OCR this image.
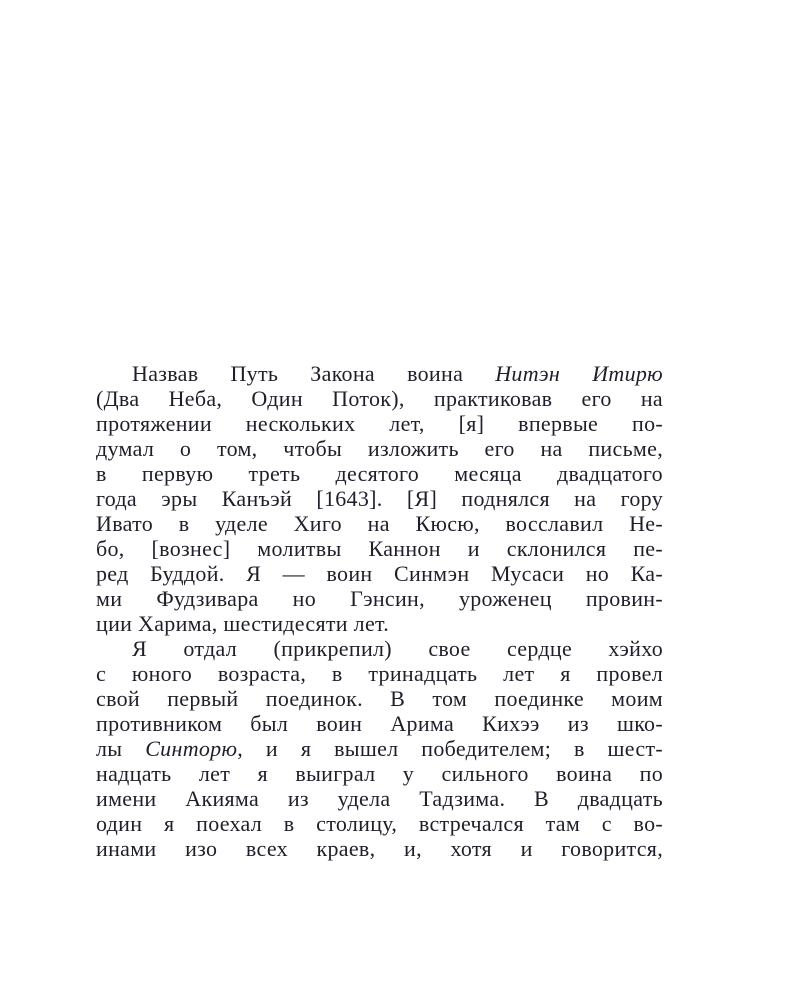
Назвав Путь Закона воина Нитэн Итирю
(Два Неба, Один Поток), практиковав его на
протяжении нескольких лет, [я] впервые по-
думал о том, чтобы изложить его на письме,
в первую треть десятого месяца двадцатого
года эры Канъэй [1643]. [Я] поднялся на гору
Ивато в уделе Хиго на Кюсю, восславил Не-
бо, [вознес] молитвы Каннон и склонился пе-
ред Буддой. Я — воин Синмэн Мусаси но Ка-
ми Фудзивара но Гэнсин, уроженец провин-
ции Харима, шестидесяти лет.
Я отдал (прикрепил) свое сердце хэйхо
с юного возраста, в тринадцать лет я провел
свой первый поединок. В том поединке моим
противником был воин Арима Кихээ из шко-
лы Синторю, и я вышел победителем; в шест-
надцать лет я выиграл у сильного воина по
имени Акияма из удела Тадзима. В двадцать
один я поехал в столицу, встречался там с во-
инами изо всех краев, и, хотя и говорится,
